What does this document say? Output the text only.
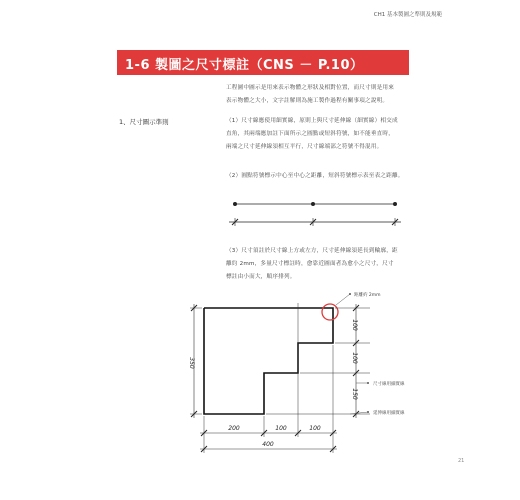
CH1 基本製圖之準則及規範
1-6 製圖之尺寸標註（CNS － P.10）
工程圖中圖示是用來表示物體之形狀及相對位置，而尺寸則是用來
表示物體之大小，文字註解則為施工製作過程有關事項之說明。
1、尺寸圖示準則	（1）尺寸線應使用細實線，原則上與尺寸延伸線（細實線）相交成
直角，其兩端應加註下面所示之圓點或短斜符號，如不能垂直時，
兩端之尺寸延伸線須相互平行，尺寸線端部之符號不得混用。
（2）圓點符號標示中心至中心之距離，短斜符號標示表至表之距離。
（3）尺寸須註於尺寸線上方或左方，尺寸延伸線須延長到輪廓，距
離約 2mm，多量尺寸標註時，愈靠近圖面者為愈小之尺寸，尺寸
標註由小而大，順序排列。
200	100	100
400
100
100
150
350
距離約 2mm
尺寸線用細實線
延伸線用細實線
21
